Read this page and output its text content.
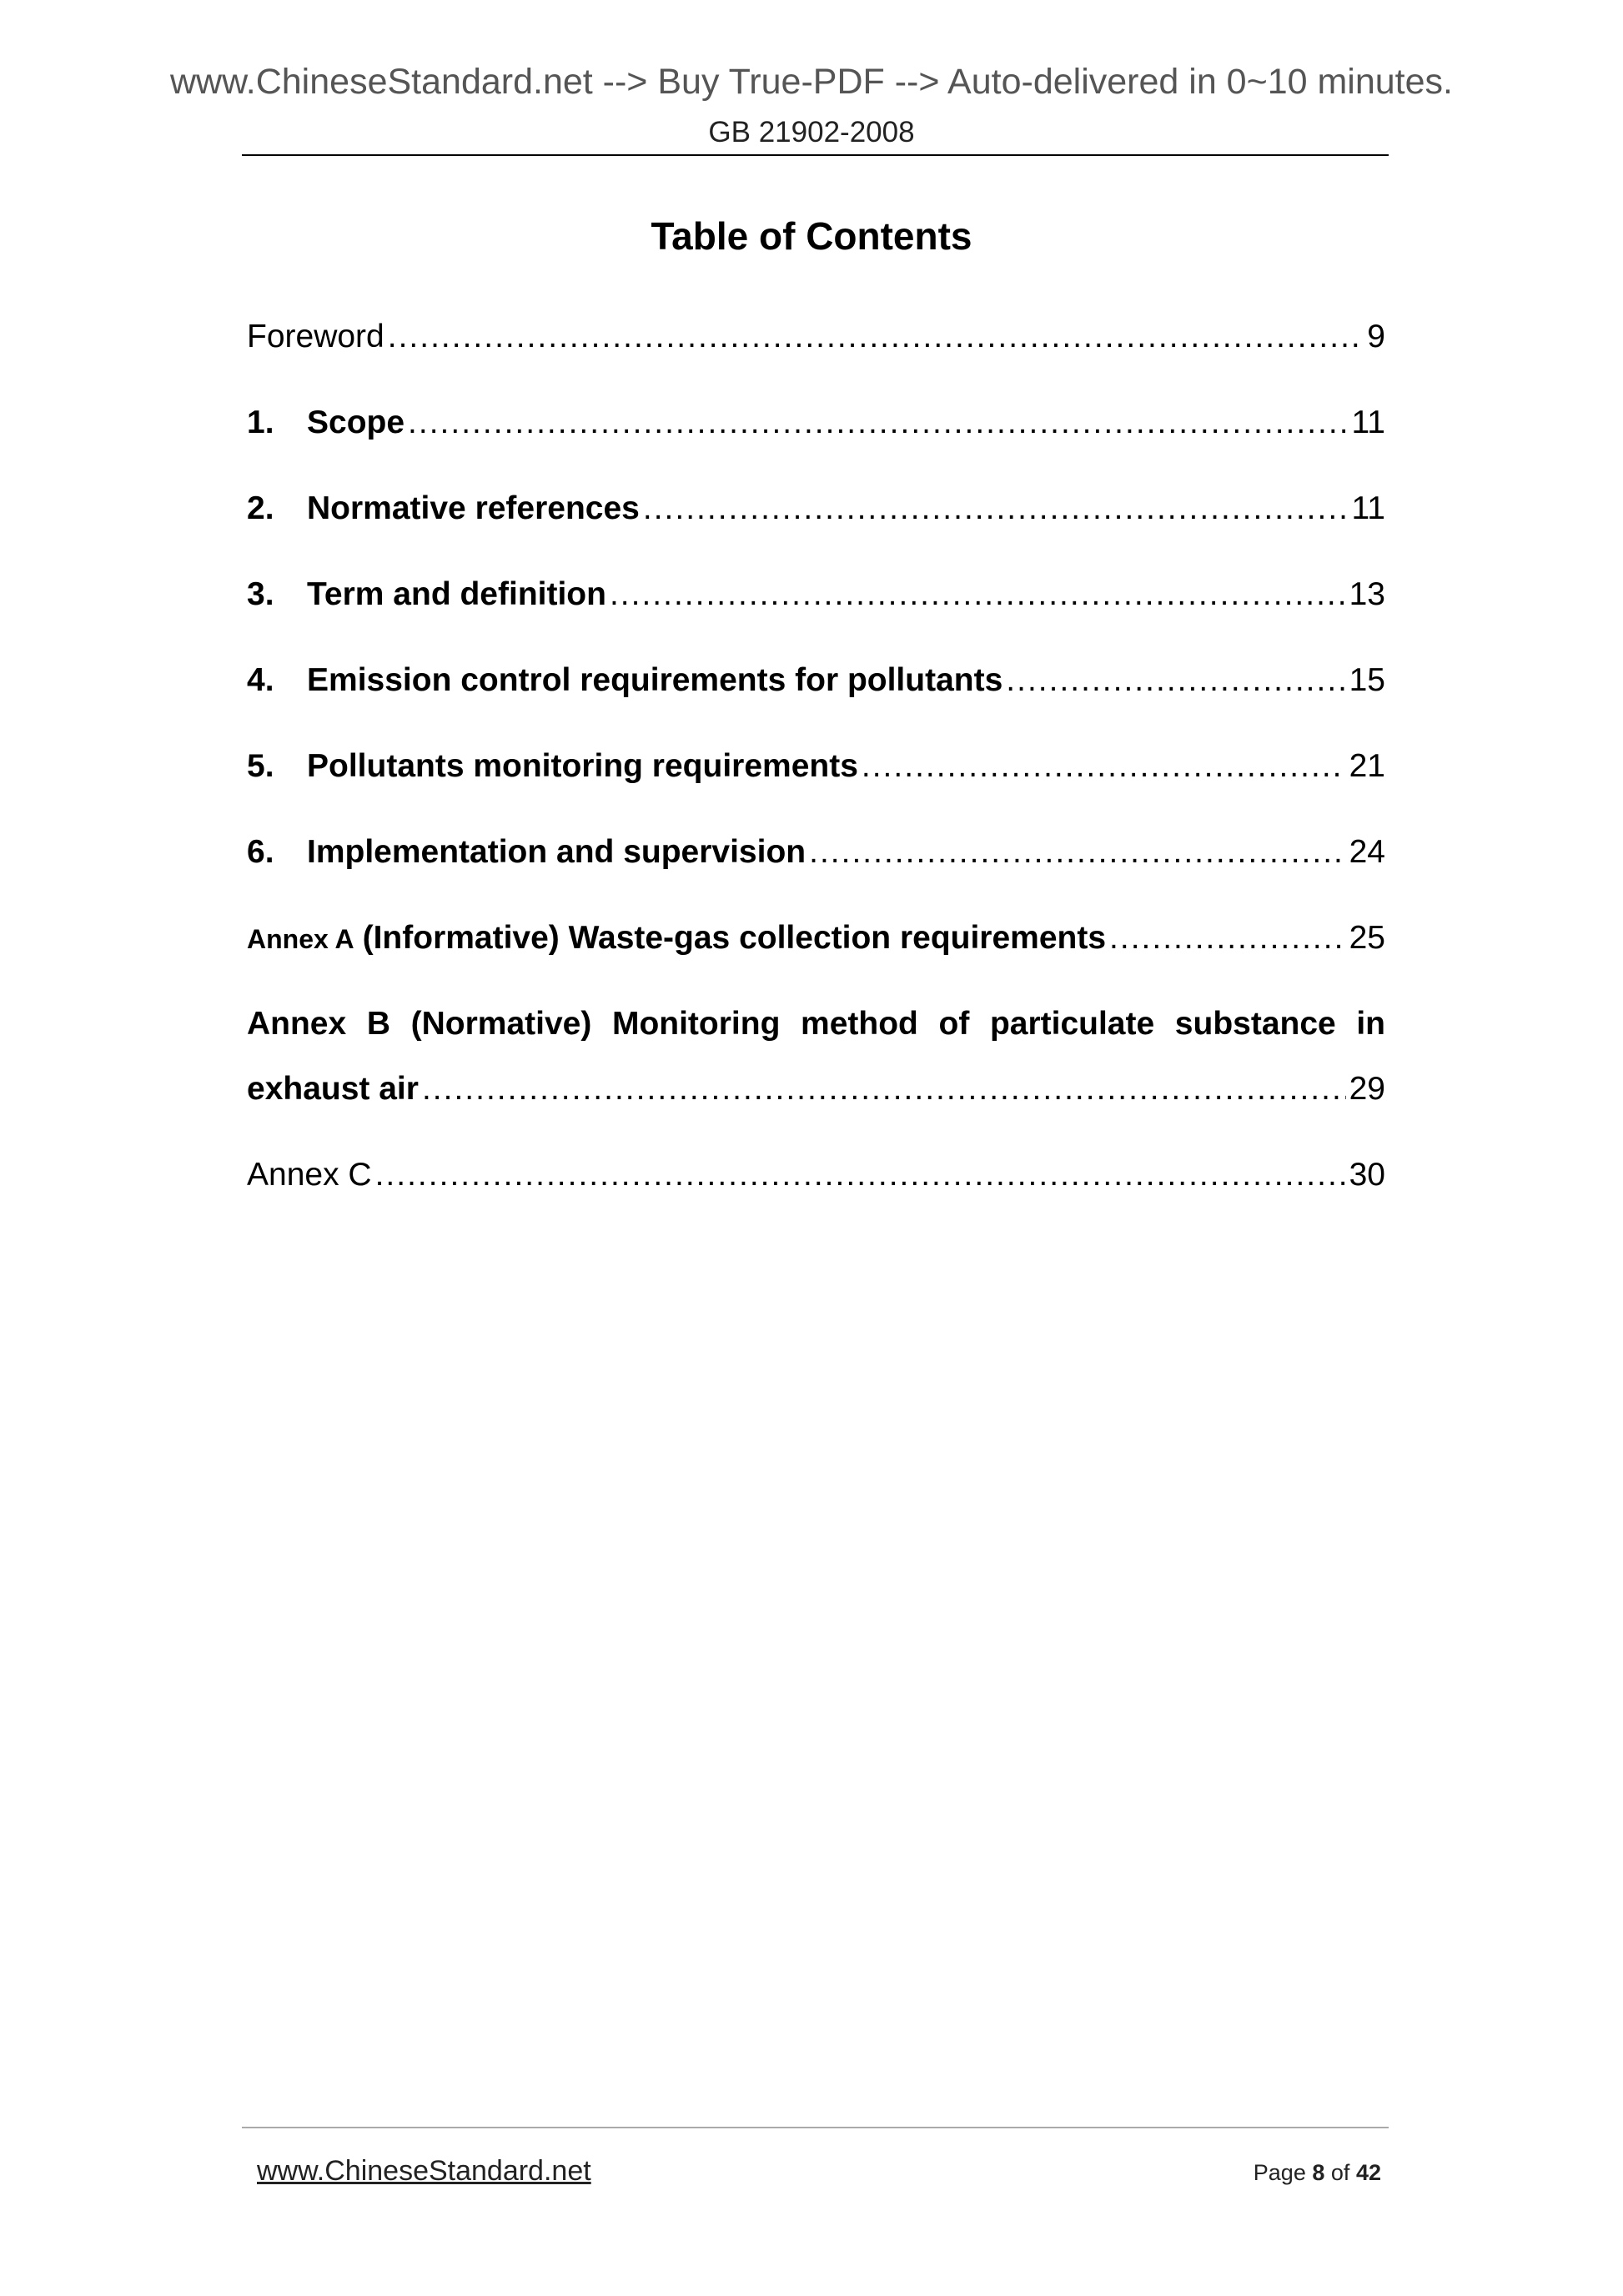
www.ChineseStandard.net --> Buy True-PDF --> Auto-delivered in 0~10 minutes.
GB 21902-2008
Table of Contents
Foreword .....	9
1.	Scope .....	11
2.	Normative references .....	11
3.	Term and definition .....	13
4.	Emission control requirements for pollutants .....	15
5.	Pollutants monitoring requirements .....	21
6.	Implementation and supervision .....	24
Annex A (Informative) Waste-gas collection requirements .....	25
Annex B (Normative) Monitoring method of particulate substance in
exhaust air .....	29
Annex C .....	30
www.ChineseStandard.net	Page 8 of 42
